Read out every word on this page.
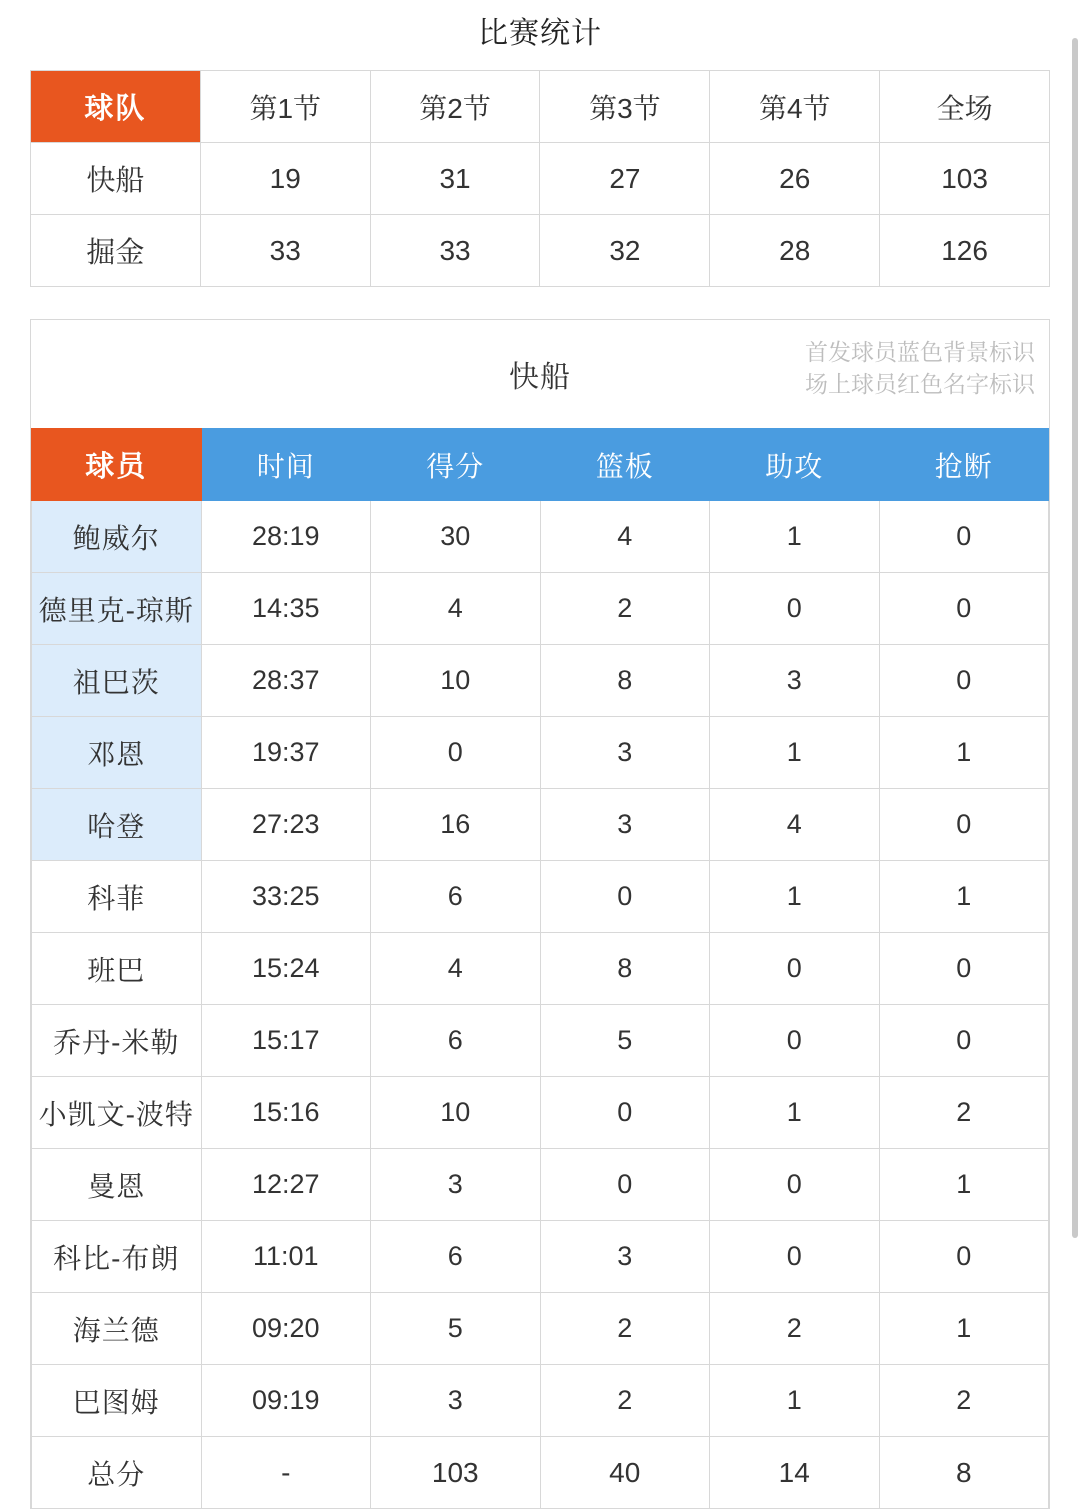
比赛统计
球队	第1节	第2节	第3节	第4节	全场
快船	19	31	27	26	103
掘金	33	33	32	28	126
快船
首发球员蓝色背景标识
场上球员红色名字标识
球员	时间	得分	篮板	助攻	抢断
鲍威尔	28:19	30	4	1	0
德里克-琼斯	14:35	4	2	0	0
祖巴茨	28:37	10	8	3	0
邓恩	19:37	0	3	1	1
哈登	27:23	16	3	4	0
科菲	33:25	6	0	1	1
班巴	15:24	4	8	0	0
乔丹-米勒	15:17	6	5	0	0
小凯文-波特	15:16	10	0	1	2
曼恩	12:27	3	0	0	1
科比-布朗	11:01	6	3	0	0
海兰德	09:20	5	2	2	1
巴图姆	09:19	3	2	1	2
总分	-	103	40	14	8
